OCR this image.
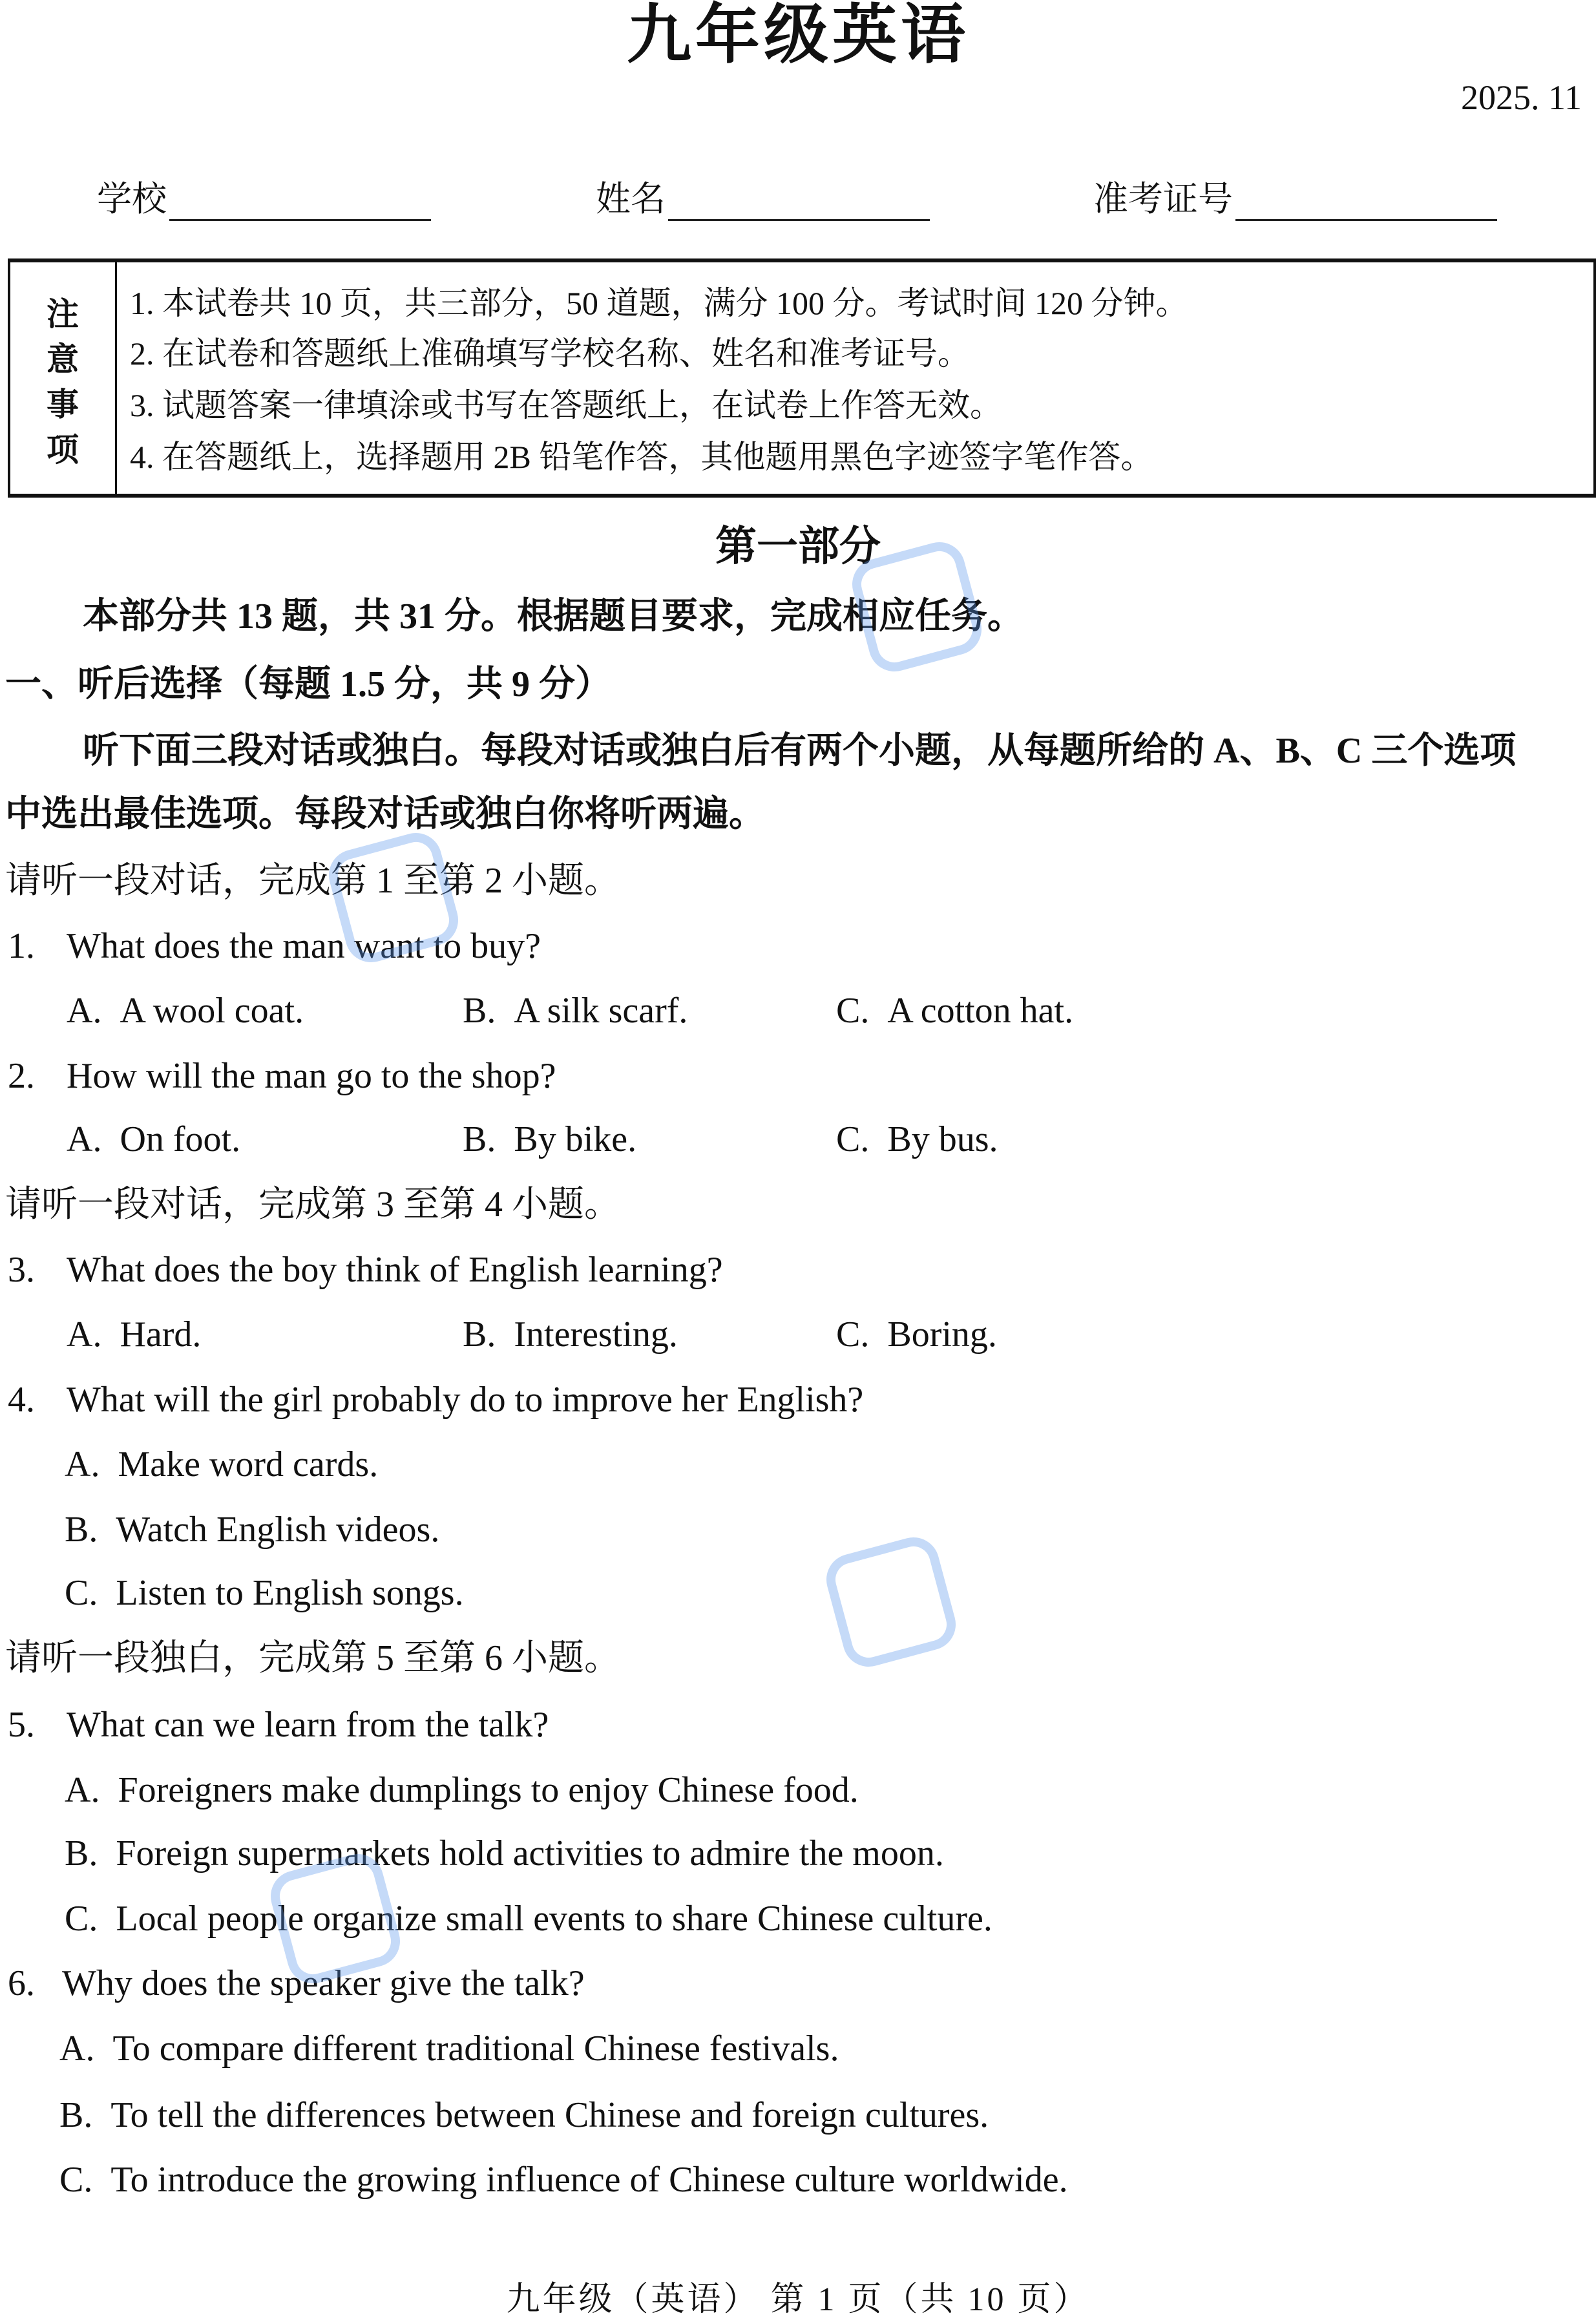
九年级英语
2025. 11
学校	姓名	准考证号
注
意
事
项
1. 本试卷共 10 页，共三部分，50 道题，满分 100 分。考试时间 120 分钟。
2. 在试卷和答题纸上准确填写学校名称、姓名和准考证号。
3. 试题答案一律填涂或书写在答题纸上，在试卷上作答无效。
4. 在答题纸上，选择题用 2B 铅笔作答，其他题用黑色字迹签字笔作答。
第一部分
本部分共 13 题，共 31 分。根据题目要求，完成相应任务。
一、听后选择（每题 1.5 分，共 9 分）
听下面三段对话或独白。每段对话或独白后有两个小题，从每题所给的 A、B、C 三个选项
中选出最佳选项。每段对话或独白你将听两遍。
请听一段对话，完成第 1 至第 2 小题。
1. What does the man want to buy?
A. A wool coat.	B. A silk scarf.	C. A cotton hat.
2. How will the man go to the shop?
A. On foot.	B. By bike.	C. By bus.
请听一段对话，完成第 3 至第 4 小题。
3. What does the boy think of English learning?
A. Hard.	B. Interesting.	C. Boring.
4. What will the girl probably do to improve her English?
A. Make word cards.
B. Watch English videos.
C. Listen to English songs.
请听一段独白，完成第 5 至第 6 小题。
5. What can we learn from the talk?
A. Foreigners make dumplings to enjoy Chinese food.
B. Foreign supermarkets hold activities to admire the moon.
C. Local people organize small events to share Chinese culture.
6. Why does the speaker give the talk?
A. To compare different traditional Chinese festivals.
B. To tell the differences between Chinese and foreign cultures.
C. To introduce the growing influence of Chinese culture worldwide.
九年级（英语） 第 1 页（共 10 页）
